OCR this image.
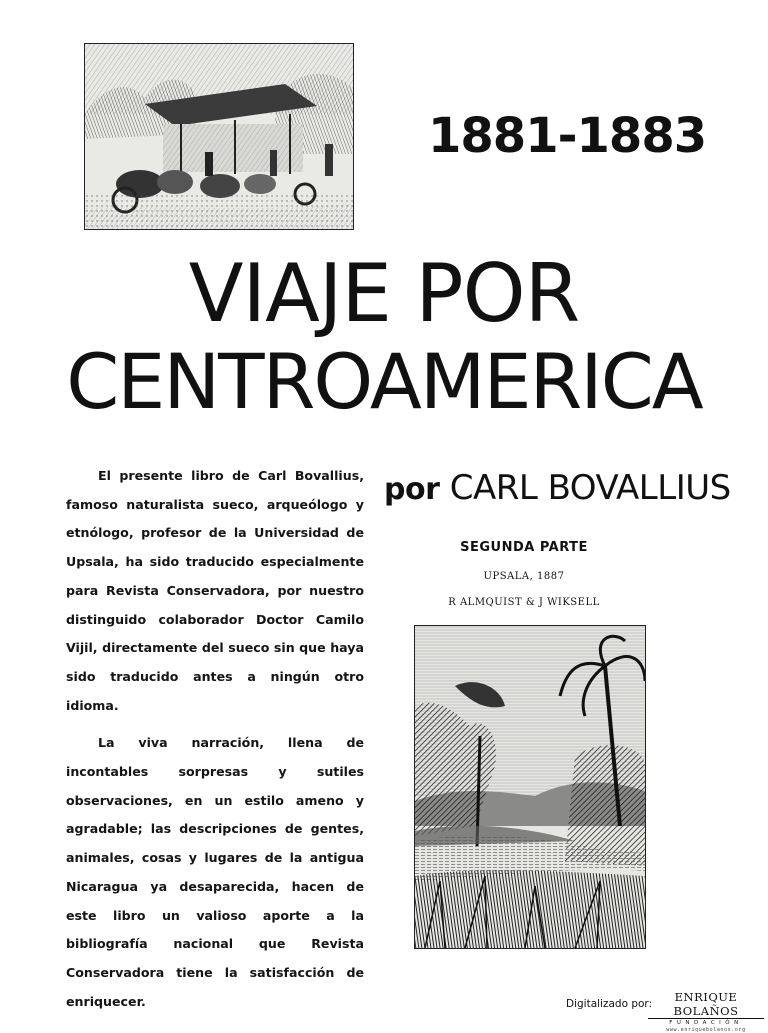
1881-1883
VIAJE POR
CENTROAMERICA
por CARL BOVALLIUS
SEGUNDA PARTE
UPSALA, 1887
R ALMQUIST & J WIKSELL

El presente libro de Carl Bovallius, famoso naturalista sueco, arqueólogo y etnólogo, profesor de la Universidad de Upsala, ha sido traducido especialmente para Revista Conservadora, por nuestro distinguido colaborador Doctor Camilo Vijil, directamente del sueco sin que haya sido traducido antes a ningún otro idioma.

La viva narración, llena de incontables sorpresas y sutiles observaciones, en un estilo ameno y agradable; las descripciones de gentes, animales, cosas y lugares de la antigua Nicaragua ya desaparecida, hacen de este libro un valioso aporte a la bibliografía nacional que Revista Conservadora tiene la satisfacción de enriquecer.	Digitalizado por:	ENRIQUE BOLAÑOS
FUNDACIÓN
www.enriquebolanos.org
